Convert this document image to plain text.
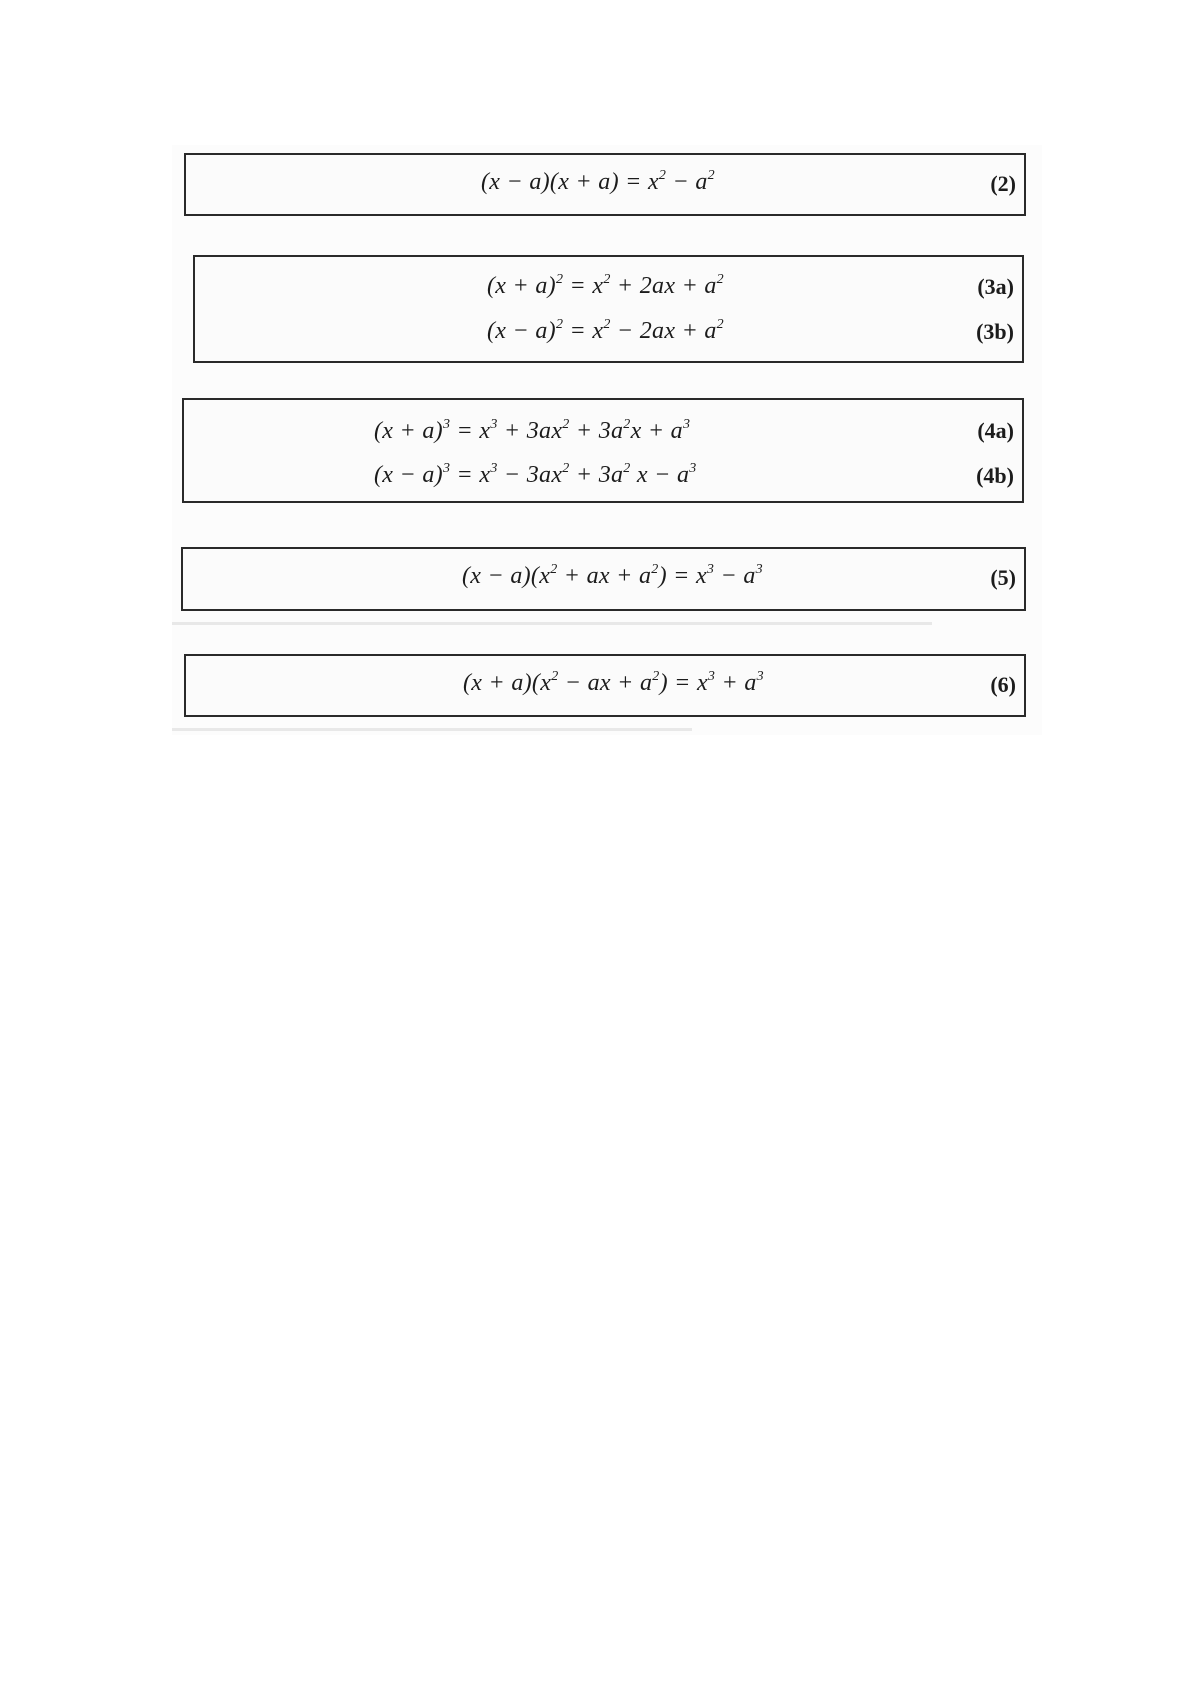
$(x - a)(x + a) = x^2 - a^2$	(2)
$(x + a)^2 = x^2 + 2ax + a^2$	(3a)
$(x - a)^2 = x^2 - 2ax + a^2$	(3b)
$(x + a)^3 = x^3 + 3ax^2 + 3a^2x + a^3$	(4a)
$(x - a)^3 = x^3 - 3ax^2 + 3a^2$ $x - a^3$	(4b)
$(x - a)(x^2$ + ax + $a^2) = x^3 - a^3$	(5)
$(x + a)(x^2$ − ax + $a^2) = x^3 + a^3$	(6)
